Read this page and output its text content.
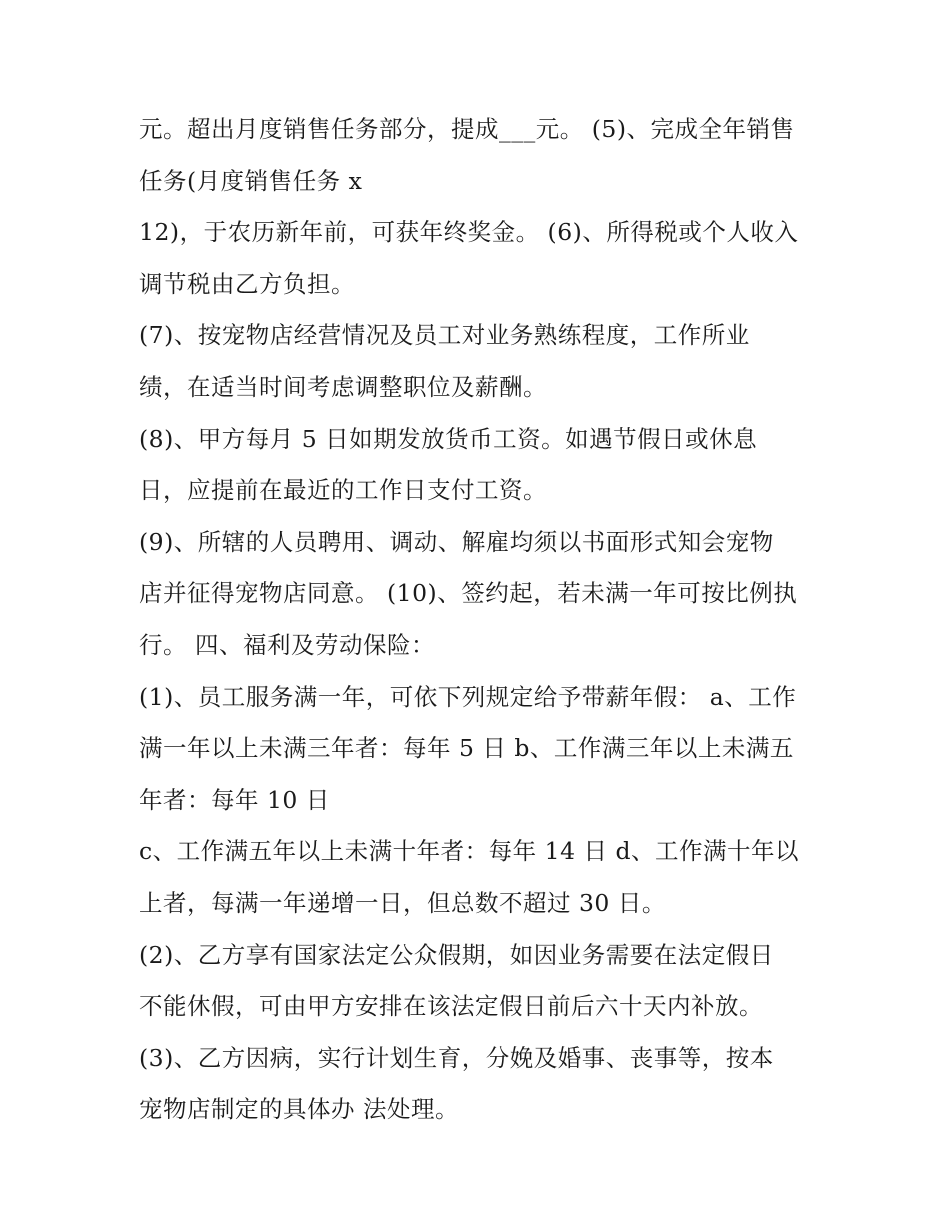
元。超出月度销售任务部分，提成___元。 (5)、完成全年销售
任务(月度销售任务 x
12)，于农历新年前，可获年终奖金。 (6)、所得税或个人收入
调节税由乙方负担。
(7)、按宠物店经营情况及员工对业务熟练程度，工作所业
绩，在适当时间考虑调整职位及薪酬。
(8)、甲方每月 5 日如期发放货币工资。如遇节假日或休息
日，应提前在最近的工作日支付工资。
(9)、所辖的人员聘用、调动、解雇均须以书面形式知会宠物
店并征得宠物店同意。 (10)、签约起，若未满一年可按比例执
行。 四、福利及劳动保险：
(1)、员工服务满一年，可依下列规定给予带薪年假： a、工作
满一年以上未满三年者：每年 5 日 b、工作满三年以上未满五
年者：每年 10 日
c、工作满五年以上未满十年者：每年 14 日 d、工作满十年以
上者，每满一年递增一日，但总数不超过 30 日。
(2)、乙方享有国家法定公众假期，如因业务需要在法定假日
不能休假，可由甲方安排在该法定假日前后六十天内补放。
(3)、乙方因病，实行计划生育，分娩及婚事、丧事等，按本
宠物店制定的具体办 法处理。
